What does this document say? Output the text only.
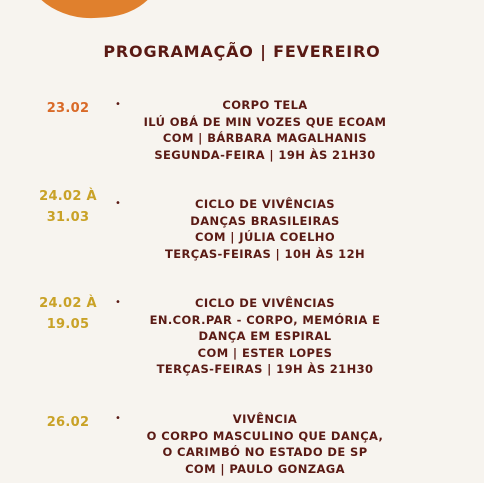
PROGRAMAÇÃO | FEVEREIRO
23.02	•	CORPO TELA
ILÚ OBÁ DE MIN VOZES QUE ECOAM
COM | BÁRBARA MAGALHANIS
SEGUNDA-FEIRA | 19H ÀS 21H30
24.02 À 31.03
•	CICLO DE VIVÊNCIAS
DANÇAS BRASILEIRAS
COM | JÚLIA COELHO
TERÇAS-FEIRAS | 10H ÀS 12H
24.02 À 19.05
•	CICLO DE VIVÊNCIAS
EN.COR.PAR - CORPO, MEMÓRIA E DANÇA EM ESPIRAL
COM | ESTER LOPES
TERÇAS-FEIRAS | 19H ÀS 21H30
26.02	•	VIVÊNCIA
O CORPO MASCULINO QUE DANÇA,
O CARIMBÓ NO ESTADO DE SP
COM | PAULO GONZAGA
